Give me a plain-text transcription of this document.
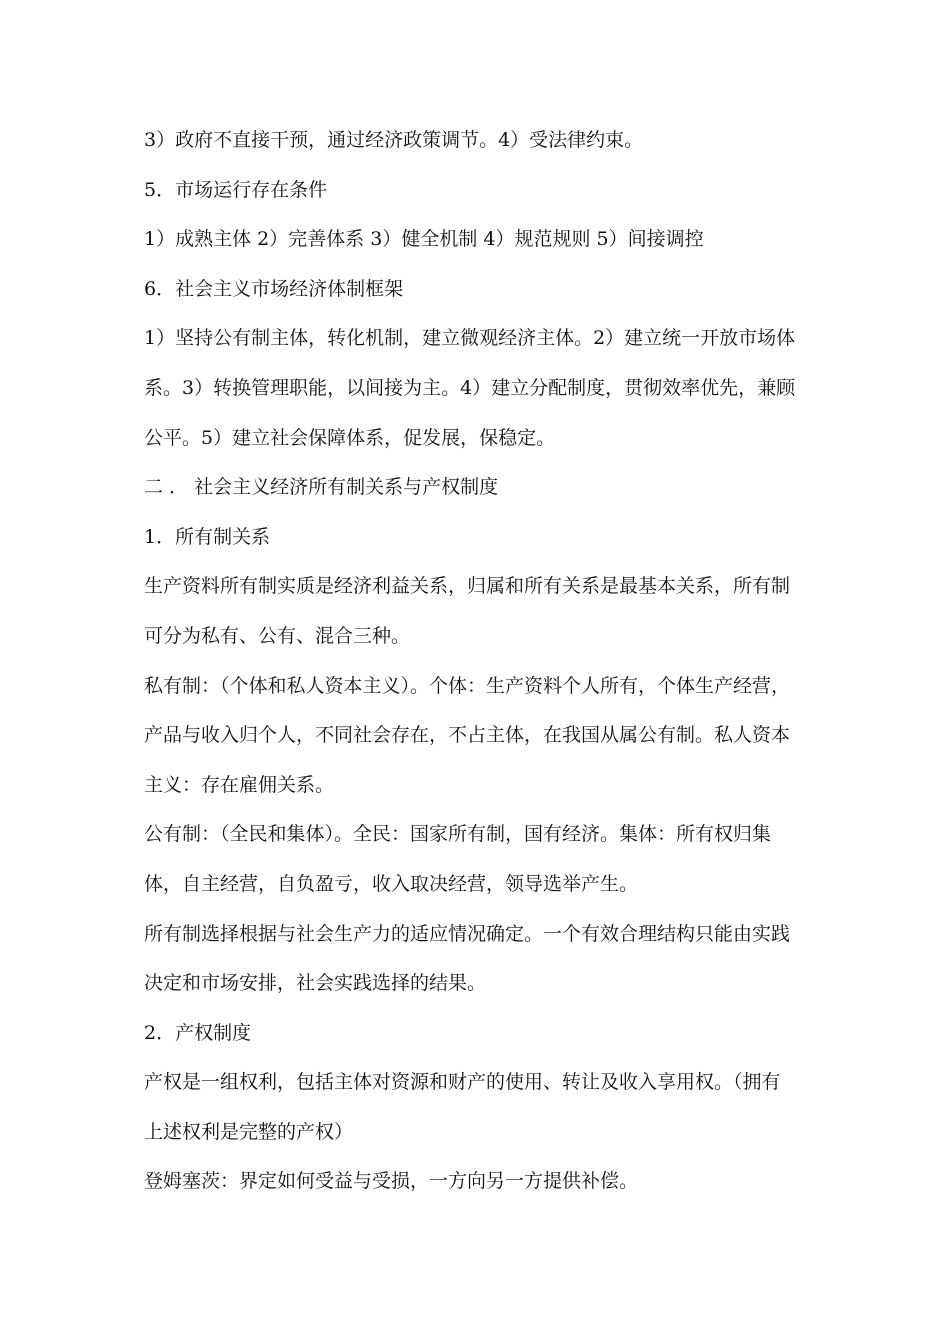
3）政府不直接干预，通过经济政策调节。4）受法律约束。

5．市场运行存在条件

1）成熟主体 2）完善体系 3）健全机制 4）规范规则 5）间接调控

6．社会主义市场经济体制框架

1）坚持公有制主体，转化机制，建立微观经济主体。2）建立统一开放市场体

系。3）转换管理职能，以间接为主。4）建立分配制度，贯彻效率优先，兼顾

公平。5）建立社会保障体系，促发展，保稳定。

二 ． 社会主义经济所有制关系与产权制度

1．所有制关系

生产资料所有制实质是经济利益关系，归属和所有关系是最基本关系，所有制

可分为私有、公有、混合三种。

私有制：（个体和私人资本主义）。个体：生产资料个人所有，个体生产经营，

产品与收入归个人，不同社会存在，不占主体，在我国从属公有制。私人资本

主义：存在雇佣关系。

公有制：（全民和集体）。全民：国家所有制，国有经济。集体：所有权归集

体，自主经营，自负盈亏，收入取决经营，领导选举产生。

所有制选择根据与社会生产力的适应情况确定。一个有效合理结构只能由实践

决定和市场安排，社会实践选择的结果。

2．产权制度

产权是一组权利，包括主体对资源和财产的使用、转让及收入享用权。（拥有

上述权利是完整的产权）

登姆塞茨：界定如何受益与受损，一方向另一方提供补偿。
